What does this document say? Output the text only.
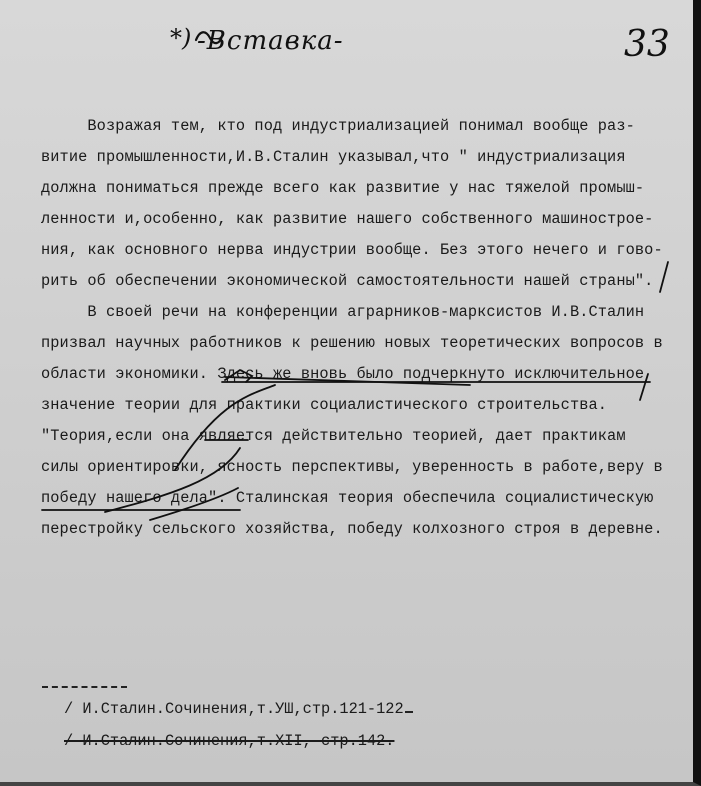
*) -Вставка-	33
Возражая тем, кто под индустриализацией понимал вообще раз-
витие промышленности,И.В.Сталин указывал,что " индустриализация
должна пониматься прежде всего как развитие у нас тяжелой промыш-
ленности и,особенно, как развитие нашего собственного машинострое-
ния, как основного нерва индустрии вообще. Без этого нечего и гово-
рить об обеспечении экономической самостоятельности нашей страны".
В своей речи на конференции аграрников-марксистов И.В.Сталин
призвал научных работников к решению новых теоретических вопросов в
области экономики. Здесь же вновь было подчеркнуто исключительное
значение теории для практики социалистического строительства.
"Теория,если она является действительно теорией, дает практикам
силы ориентировки, ясность перспективы, уверенность в работе,веру в
победу нашего дела". Сталинская теория обеспечила социалистическую
перестройку сельского хозяйства, победу колхозного строя в деревне.
/ И.Сталин.Сочинения,т.УШ,стр.121-122
/ И.Сталин.Сочинения,т.XII, стр.142.
